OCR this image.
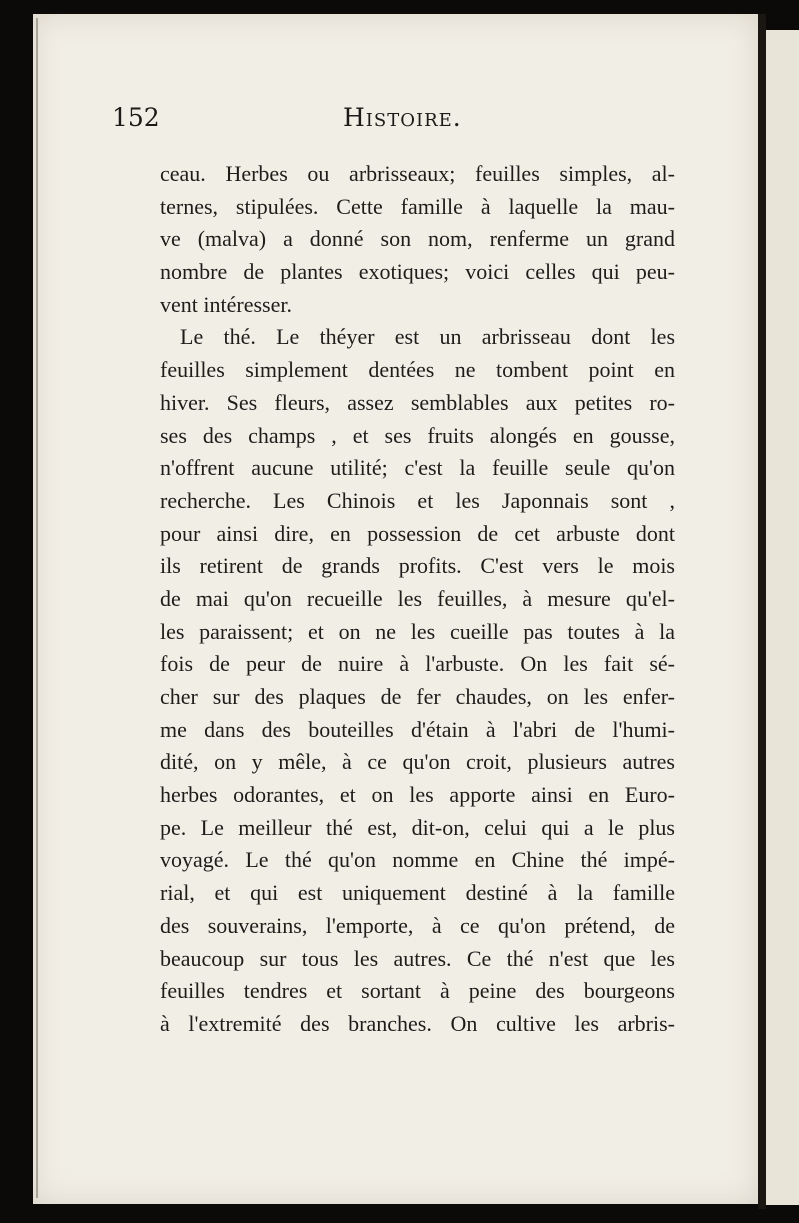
152	Histoire.
ceau. Herbes ou arbrisseaux; feuilles simples, al-
ternes, stipulées. Cette famille à laquelle la mau-
ve (malva) a donné son nom, renferme un grand
nombre de plantes exotiques; voici celles qui peu-
vent intéresser.
Le thé. Le théyer est un arbrisseau dont les
feuilles simplement dentées ne tombent point en
hiver. Ses fleurs, assez semblables aux petites ro-
ses des champs , et ses fruits alongés en gousse,
n'offrent aucune utilité; c'est la feuille seule qu'on
recherche. Les Chinois et les Japonnais sont ,
pour ainsi dire, en possession de cet arbuste dont
ils retirent de grands profits. C'est vers le mois
de mai qu'on recueille les feuilles, à mesure qu'el-
les paraissent; et on ne les cueille pas toutes à la
fois de peur de nuire à l'arbuste. On les fait sé-
cher sur des plaques de fer chaudes, on les enfer-
me dans des bouteilles d'étain à l'abri de l'humi-
dité, on y mêle, à ce qu'on croit, plusieurs autres
herbes odorantes, et on les apporte ainsi en Euro-
pe. Le meilleur thé est, dit-on, celui qui a le plus
voyagé. Le thé qu'on nomme en Chine thé impé-
rial, et qui est uniquement destiné à la famille
des souverains, l'emporte, à ce qu'on prétend, de
beaucoup sur tous les autres. Ce thé n'est que les
feuilles tendres et sortant à peine des bourgeons
à l'extremité des branches. On cultive les arbris-
